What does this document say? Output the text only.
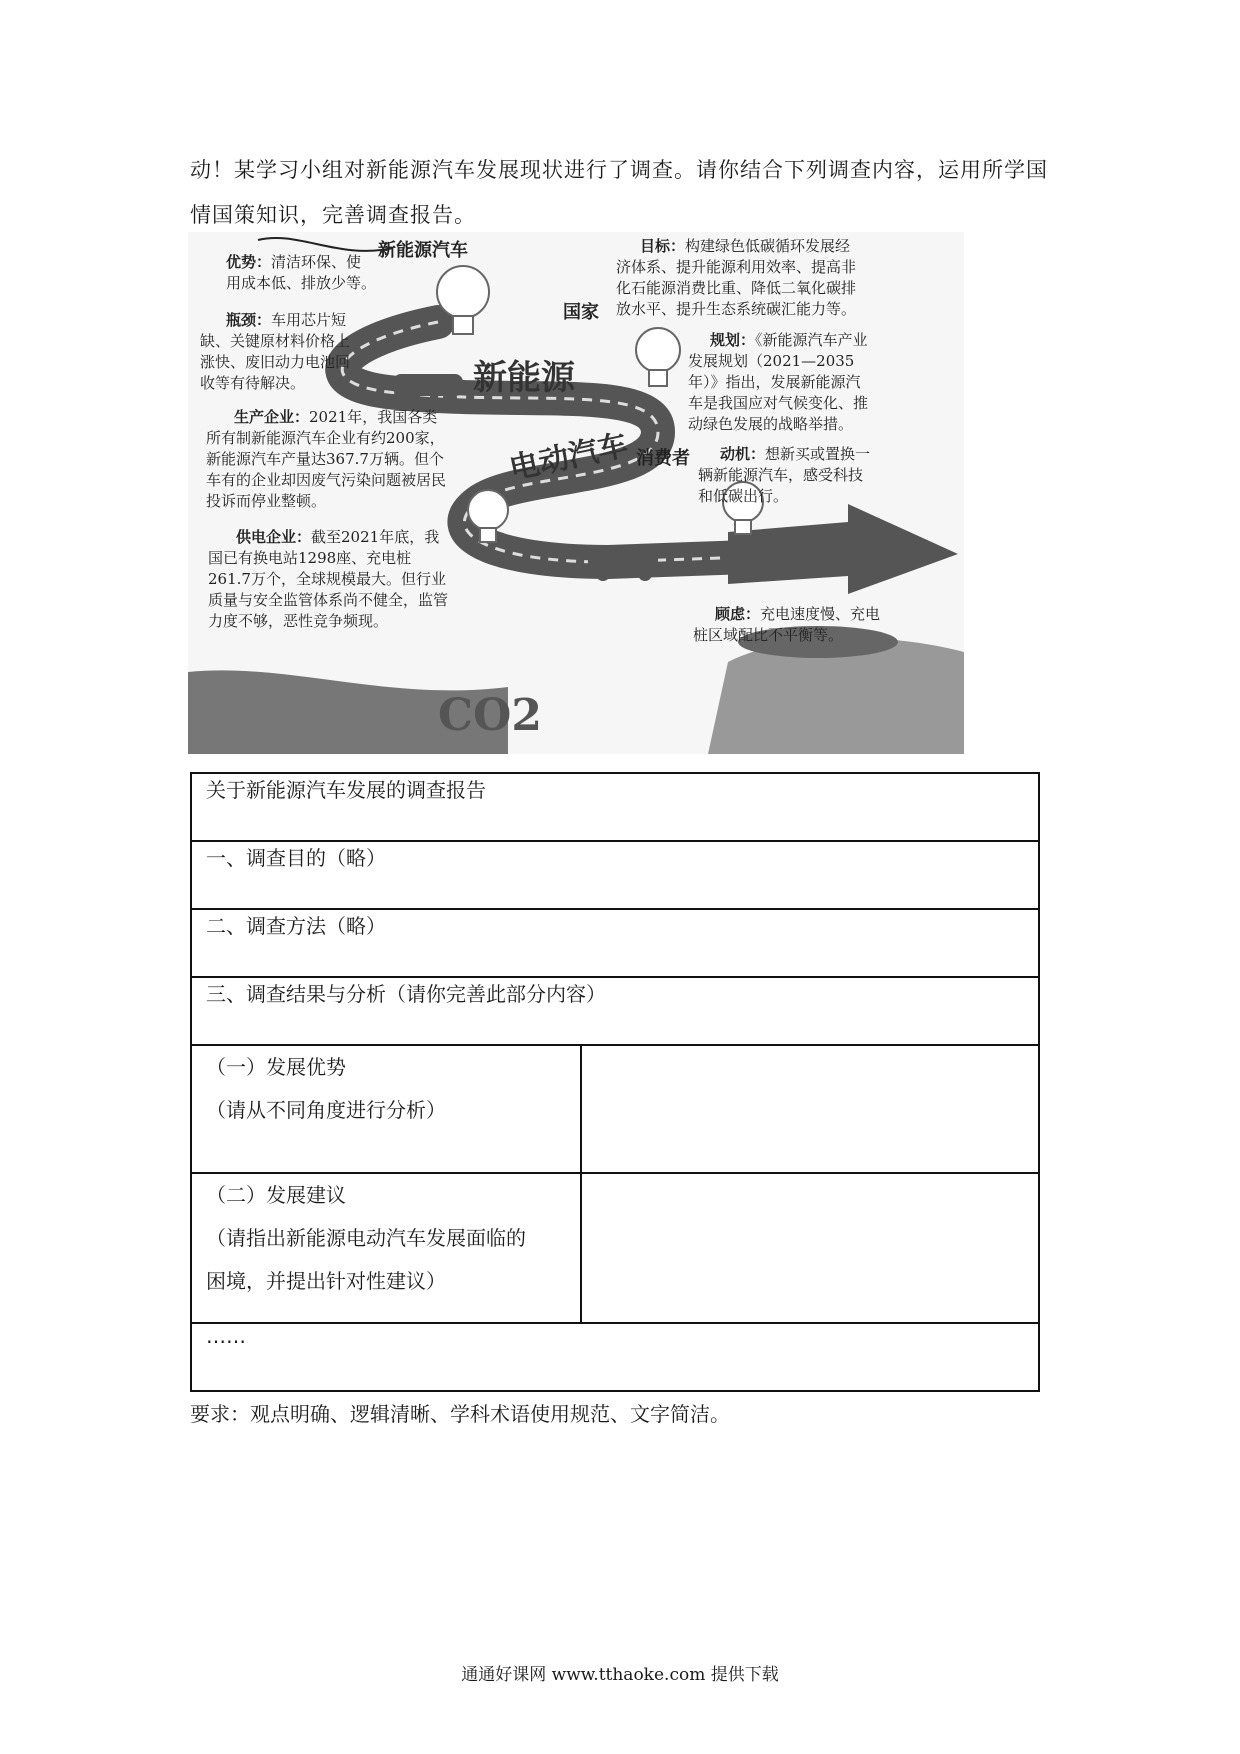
动！某学习小组对新能源汽车发展现状进行了调查。请你结合下列调查内容，运用所学国

情国策知识，完善调查报告。

新能源汽车
优势：清洁环保、使用成本低、排放少等。
瓶颈：车用芯片短缺、关键原材料价格上涨快、废旧动力电池回收等有待解决。
生产企业：2021年，我国各类所有制新能源汽车企业有约200家，新能源汽车产量达367.7万辆。但个车有的企业却因废气污染问题被居民投诉而停业整顿。
供电企业：截至2021年底，我国已有换电站1298座、充电桩261.7万个，全球规模最大。但行业质量与安全监管体系尚不健全，监管力度不够，恶性竞争频现。
国家
目标：构建绿色低碳循环发展经济体系、提升能源利用效率、提高非化石能源消费比重、降低二氧化碳排放水平、提升生态系统碳汇能力等。
规划：《新能源汽车产业发展规划（2021—2035年）》指出，发展新能源汽车是我国应对气候变化、推动绿色发展的战略举措。
消费者	动机：想新买或置换一辆新能源汽车，感受科技和低碳出行。
顾虑：充电速度慢、充电桩区域配比不平衡等。
新能源
电动汽车
CO2
关于新能源汽车发展的调查报告	
一、调查目的（略）	
二、调查方法（略）	
三、调查结果与分析（请你完善此部分内容）	

（一）发展优势
（请从不同角度进行分析）	

（二）发展建议
（请指出新能源电动汽车发展面临的
困境，并提出针对性建议）	

……	
要求：观点明确、逻辑清晰、学科术语使用规范、文字简洁。
通通好课网 www.tthaoke.com 提供下载
